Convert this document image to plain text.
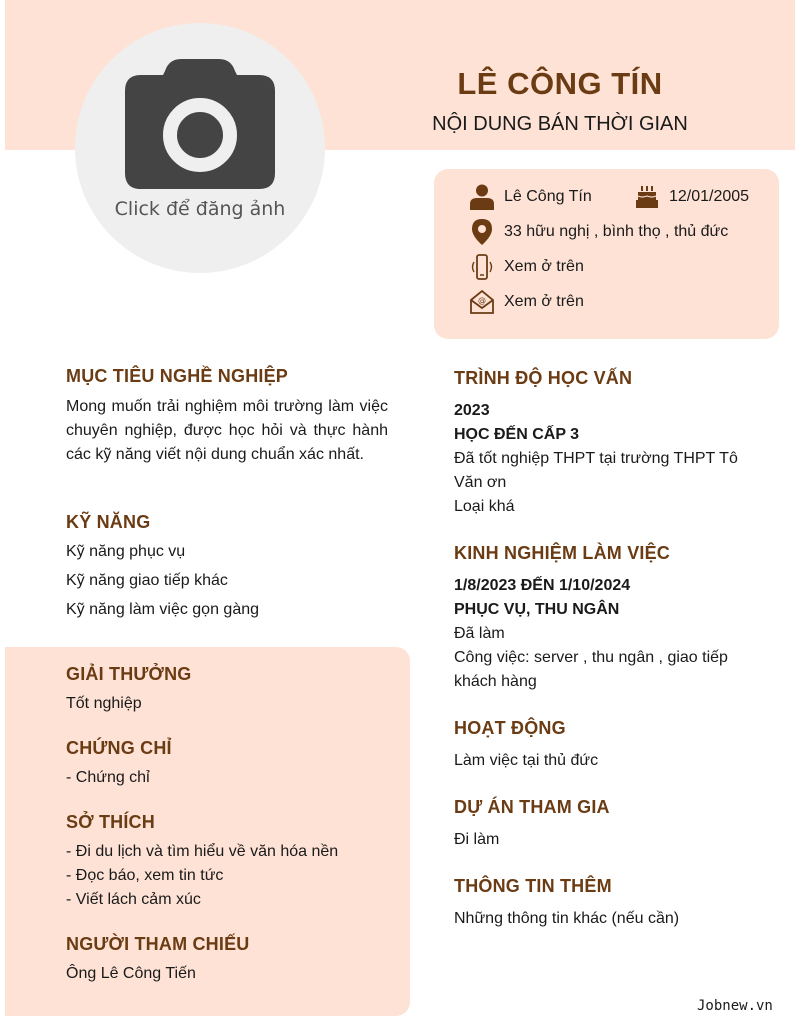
Click để đăng ảnh
LÊ CÔNG TÍN
NỘI DUNG BÁN THỜI GIAN
Lê Công Tín	12/01/2005
33 hữu nghị , bình thọ , thủ đức
Xem ở trên
@ Xem ở trên
MỤC TIÊU NGHỀ NGHIỆP
Mong muốn trải nghiệm môi trường làm việc chuyên nghiệp, được học hỏi và thực hành các kỹ năng viết nội dung chuẩn xác nhất.
KỸ NĂNG
Kỹ năng phục vụ
Kỹ năng giao tiếp khác
Kỹ năng làm việc gọn gàng
GIẢI THƯỞNG
Tốt nghiệp
CHỨNG CHỈ
- Chứng chỉ
SỞ THÍCH
- Đi du lịch và tìm hiểu về văn hóa nền
- Đọc báo, xem tin tức
- Viết lách cảm xúc
NGƯỜI THAM CHIẾU
Ông Lê Công Tiến
TRÌNH ĐỘ HỌC VẤN
2023
HỌC ĐẾN CẤP 3
Đã tốt nghiệp THPT tại trường THPT Tô
Văn ơn
Loại khá
KINH NGHIỆM LÀM VIỆC
1/8/2023 ĐẾN 1/10/2024
PHỤC VỤ, THU NGÂN
Đã làm
Công việc: server , thu ngân , giao tiếp
khách hàng
HOẠT ĐỘNG
Làm việc tại thủ đức
DỰ ÁN THAM GIA
Đi làm
THÔNG TIN THÊM
Những thông tin khác (nếu cần)
Jobnew.vn
